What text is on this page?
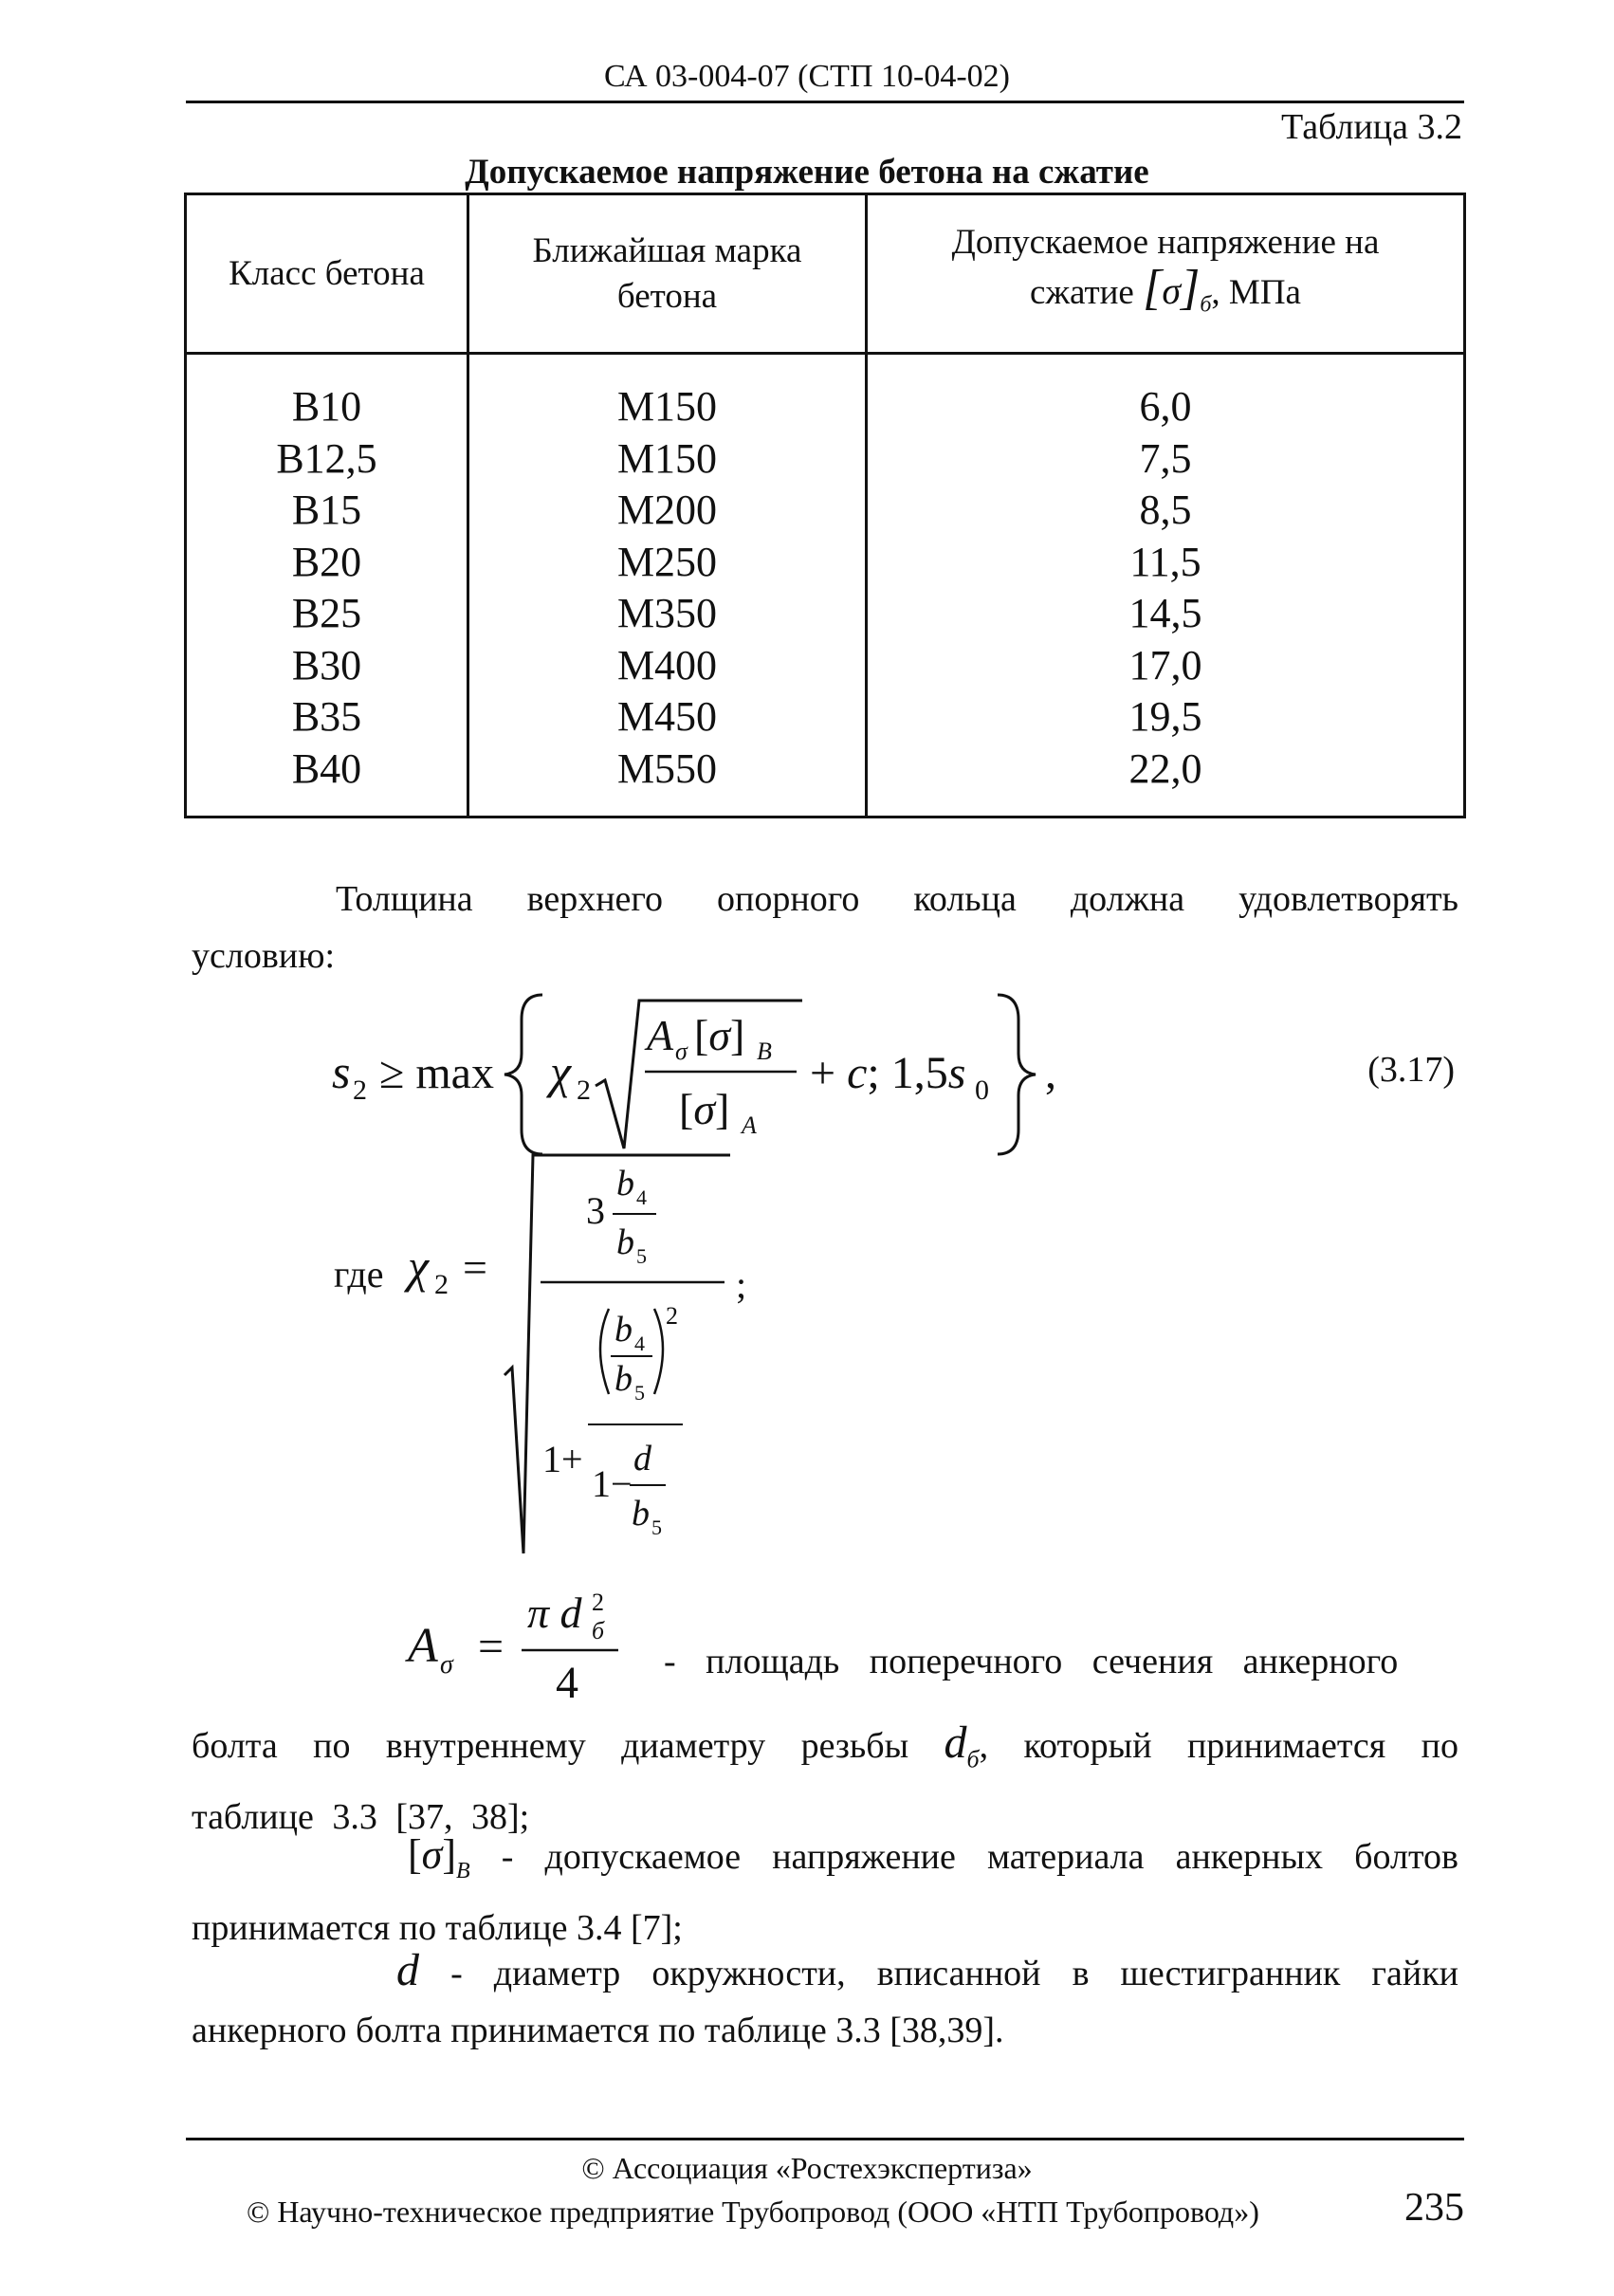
СА 03-004-07 (СТП 10-04-02)
Таблица 3.2
Допускаемое напряжение бетона на сжатие
Класс бетона
B10
B12,5
B15
B20
B25
B30
B35
B40
Ближайшая марка
бетона
M150
M150
M200
M250
M350
M400
M450
M550
Допускаемое напряжение на
сжатие $[\sigma]_б$, МПа
6,0
7,5
8,5
11,5
14,5
17,0
19,5
22,0
Толщина верхнего опорного кольца должна удовлетворять условию:
s 2 ≥ max χ 2
A σ [σ] B
[σ] A
+ c; 1,5s 0 ,	(3.17)
где χ 2 =
3
b 4
b 5
1+
b 4
b 5
2
1−
d
b 5
;
A σ =
π d 2
б
4 - площадь поперечного сечения анкерного
болта по внутреннему диаметру резьбы $d_б$, который принимается по таблице 3.3 [37, 38];
$[\sigma]_B$ - допускаемое напряжение материала анкерных болтов принимается по таблице 3.4 [7];
d - диаметр окружности, вписанной в шестигранник гайки анкерного болта принимается по таблице 3.3 [38,39].
© Ассоциация «Ростехэкспертиза»
© Научно-техническое предприятие Трубопровод (ООО «НТП Трубопровод»)	235
